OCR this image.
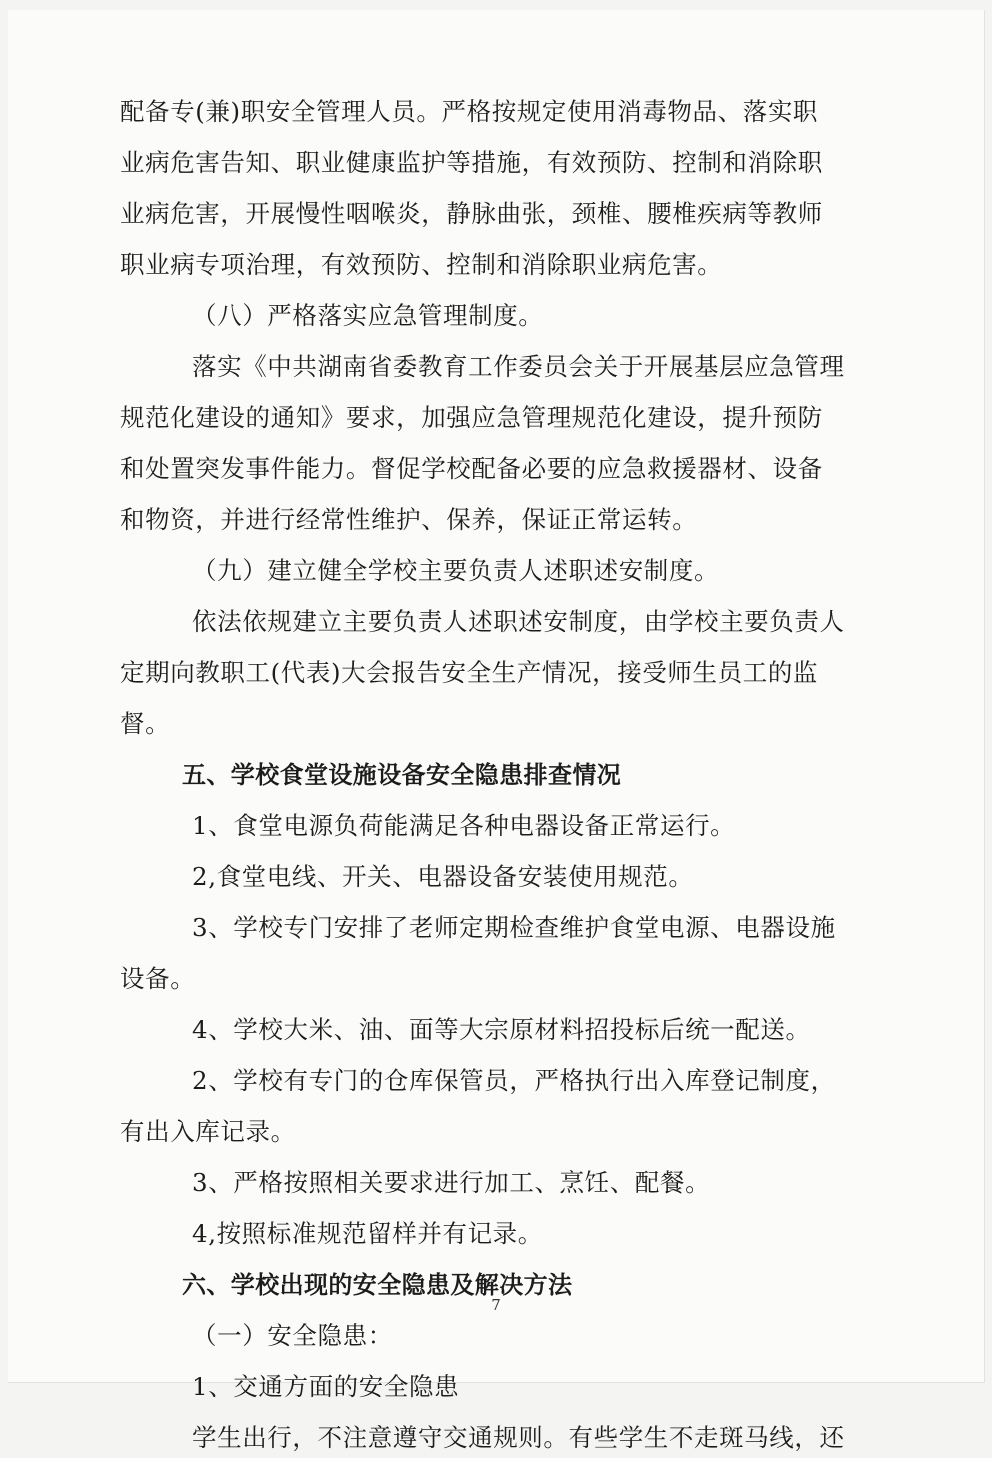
配备专(兼)职安全管理人员。严格按规定使用消毒物品、落实职
业病危害告知、职业健康监护等措施，有效预防、控制和消除职
业病危害，开展慢性咽喉炎，静脉曲张，颈椎、腰椎疾病等教师
职业病专项治理，有效预防、控制和消除职业病危害。
（八）严格落实应急管理制度。
落实《中共湖南省委教育工作委员会关于开展基层应急管理
规范化建设的通知》要求，加强应急管理规范化建设，提升预防
和处置突发事件能力。督促学校配备必要的应急救援器材、设备
和物资，并进行经常性维护、保养，保证正常运转。
（九）建立健全学校主要负责人述职述安制度。
依法依规建立主要负责人述职述安制度，由学校主要负责人
定期向教职工(代表)大会报告安全生产情况，接受师生员工的监
督。
五、学校食堂设施设备安全隐患排查情况
1、食堂电源负荷能满足各种电器设备正常运行。
2,食堂电线、开关、电器设备安装使用规范。
3、学校专门安排了老师定期检查维护食堂电源、电器设施
设备。
4、学校大米、油、面等大宗原材料招投标后统一配送。
2、学校有专门的仓库保管员，严格执行出入库登记制度，
有出入库记录。
3、严格按照相关要求进行加工、烹饪、配餐。
4,按照标准规范留样并有记录。
六、学校出现的安全隐患及解决方法
（一）安全隐患：
1、交通方面的安全隐患
学生出行，不注意遵守交通规则。有些学生不走斑马线，还
7
